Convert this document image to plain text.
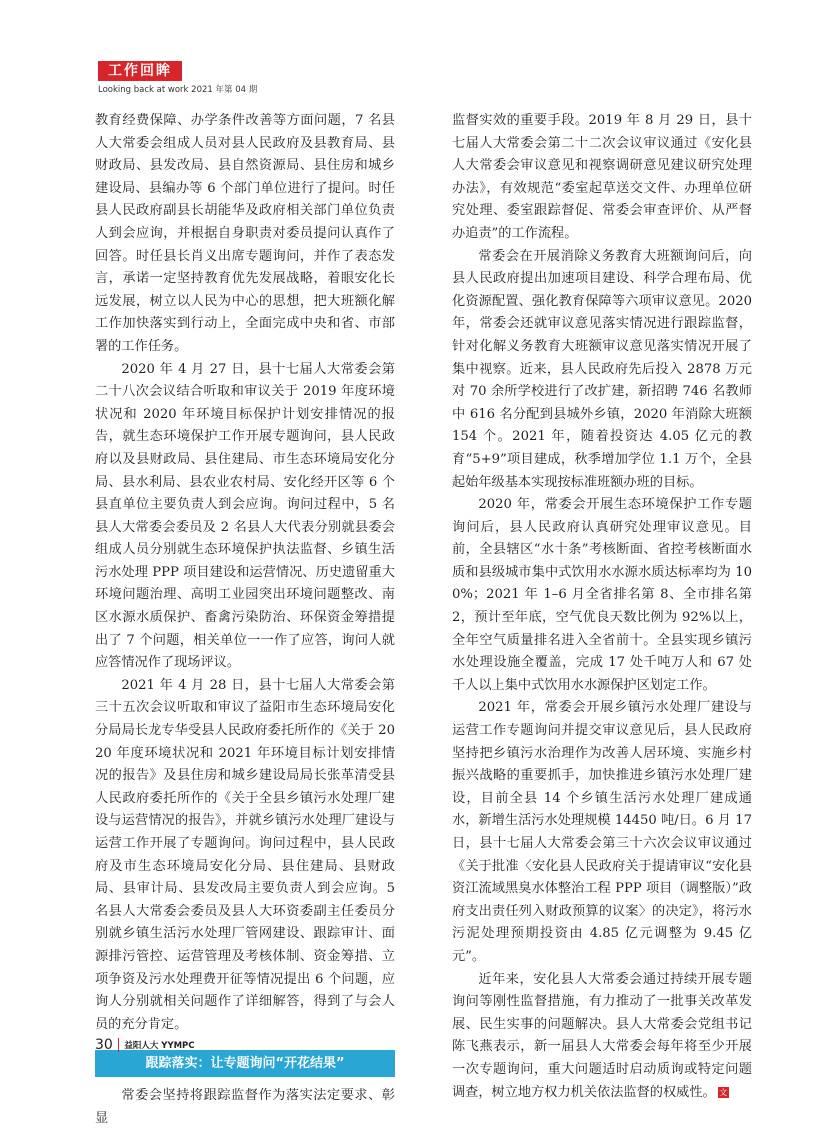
工作回眸
Looking back at work 2021 年第 04 期

教育经费保障、办学条件改善等方面问题，7 名县人大常委会组成人员对县人民政府及县教育局、县财政局、县发改局、县自然资源局、县住房和城乡建设局、县编办等 6 个部门单位进行了提问。时任县人民政府副县长胡能华及政府相关部门单位负责人到会应询，并根据自身职责对委员提问认真作了回答。时任县长肖义出席专题询问，并作了表态发言，承诺一定坚持教育优先发展战略，着眼安化长远发展，树立以人民为中心的思想，把大班额化解工作加快落实到行动上，全面完成中央和省、市部署的工作任务。

2020 年 4 月 27 日，县十七届人大常委会第二十八次会议结合听取和审议关于 2019 年度环境状况和 2020 年环境目标保护计划安排情况的报告，就生态环境保护工作开展专题询问，县人民政府以及县财政局、县住建局、市生态环境局安化分局、县水利局、县农业农村局、安化经开区等 6 个县直单位主要负责人到会应询。询问过程中，5 名县人大常委会委员及 2 名县人大代表分别就县委会组成人员分别就生态环境保护执法监督、乡镇生活污水处理 PPP 项目建设和运营情况、历史遗留重大环境问题治理、高明工业园突出环境问题整改、南区水源水质保护、畜禽污染防治、环保资金筹措提出了 7 个问题，相关单位一一作了应答，询问人就应答情况作了现场评议。

2021 年 4 月 28 日，县十七届人大常委会第三十五次会议听取和审议了益阳市生态环境局安化分局局长龙专华受县人民政府委托所作的《关于 2020 年度环境状况和 2021 年环境目标计划安排情况的报告》及县住房和城乡建设局局长张革清受县人民政府委托所作的《关于全县乡镇污水处理厂建设与运营情况的报告》，并就乡镇污水处理厂建设与运营工作开展了专题询问。询问过程中，县人民政府及市生态环境局安化分局、县住建局、县财政局、县审计局、县发改局主要负责人到会应询。5 名县人大常委会委员及县人大环资委副主任委员分别就乡镇生活污水处理厂管网建设、跟踪审计、面源排污管控、运营管理及考核体制、资金筹措、立项争资及污水处理费开征等情况提出 6 个问题，应询人分别就相关问题作了详细解答，得到了与会人员的充分肯定。

跟踪落实：让专题询问“开花结果”

常委会坚持将跟踪监督作为落实法定要求、彰显

监督实效的重要手段。2019 年 8 月 29 日，县十七届人大常委会第二十二次会议审议通过《安化县人大常委会审议意见和视察调研意见建议研究处理办法》，有效规范“委室起草送交文件、办理单位研究处理、委室跟踪督促、常委会审查评价、从严督办追责”的工作流程。

常委会在开展消除义务教育大班额询问后，向县人民政府提出加速项目建设、科学合理布局、优化资源配置、强化教育保障等六项审议意见。2020 年，常委会还就审议意见落实情况进行跟踪监督，针对化解义务教育大班额审议意见落实情况开展了集中视察。近来，县人民政府先后投入 2878 万元对 70 余所学校进行了改扩建，新招聘 746 名教师中 616 名分配到县城外乡镇，2020 年消除大班额 154 个。2021 年，随着投资达 4.05 亿元的教育“5+9”项目建成，秋季增加学位 1.1 万个，全县起始年级基本实现按标准班额办班的目标。

2020 年，常委会开展生态环境保护工作专题询问后，县人民政府认真研究处理审议意见。目前，全县辖区“水十条”考核断面、省控考核断面水质和县级城市集中式饮用水水源水质达标率均为 100%；2021 年 1–6 月全省排名第 8、全市排名第 2，预计至年底，空气优良天数比例为 92%以上，全年空气质量排名进入全省前十。全县实现乡镇污水处理设施全覆盖，完成 17 处千吨万人和 67 处千人以上集中式饮用水水源保护区划定工作。

2021 年，常委会开展乡镇污水处理厂建设与运营工作专题询问并提交审议意见后，县人民政府坚持把乡镇污水治理作为改善人居环境、实施乡村振兴战略的重要抓手，加快推进乡镇污水处理厂建设，目前全县 14 个乡镇生活污水处理厂建成通水，新增生活污水处理规模 14450 吨/日。6 月 17 日，县十七届人大常委会第三十六次会议审议通过《关于批准〈安化县人民政府关于提请审议“安化县资江流域黑臭水体整治工程 PPP 项目（调整版）”政府支出责任列入财政预算的议案〉的决定》，将污水污泥处理预期投资由 4.85 亿元调整为 9.45 亿元”。

近年来，安化县人大常委会通过持续开展专题询问等刚性监督措施，有力推动了一批事关改革发展、民生实事的问题解决。县人大常委会党组书记陈飞燕表示，新一届县人大常委会每年将至少开展一次专题询问，重大问题适时启动质询或特定问题调查，树立地方权力机关依法监督的权威性。 文

30 益阳人大 YYMPC
